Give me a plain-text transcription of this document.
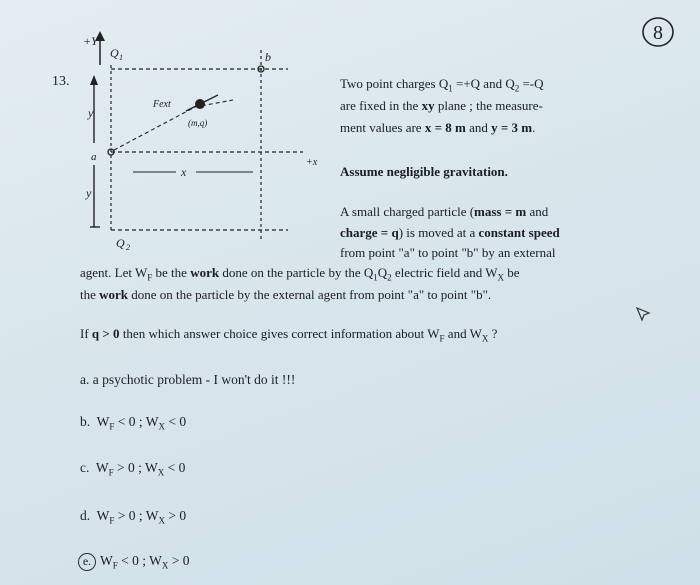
8
13.
+Y
Q 1	b
a	+x
x
y
y
Q 2
Fext
(m,q)
Two point charges $Q_1 =+Q$ and $Q_2 =-Q$
are fixed in the xy plane ; the measure-
ment values are x = 8 m and y = 3 m.
Assume negligible gravitation.
A small charged particle (mass = m and
charge = q) is moved at a constant speed
from point "a" to point "b" by an external
agent. Let $W_F$ be the work done on the particle by the $Q_1Q_2$ electric field and $W_X$ be
the work done on the particle by the external agent from point "a" to point "b".
If q > 0 then which answer choice gives correct information about $W_F$ and $W_X$ ?
a. a psychotic problem - I won't do it !!!
b. $W_F < 0$ ; $W_X < 0$
c. $W_F > 0$ ; $W_X < 0$
d. $W_F > 0$ ; $W_X > 0$
e. $W_F < 0$ ; $W_X > 0$
